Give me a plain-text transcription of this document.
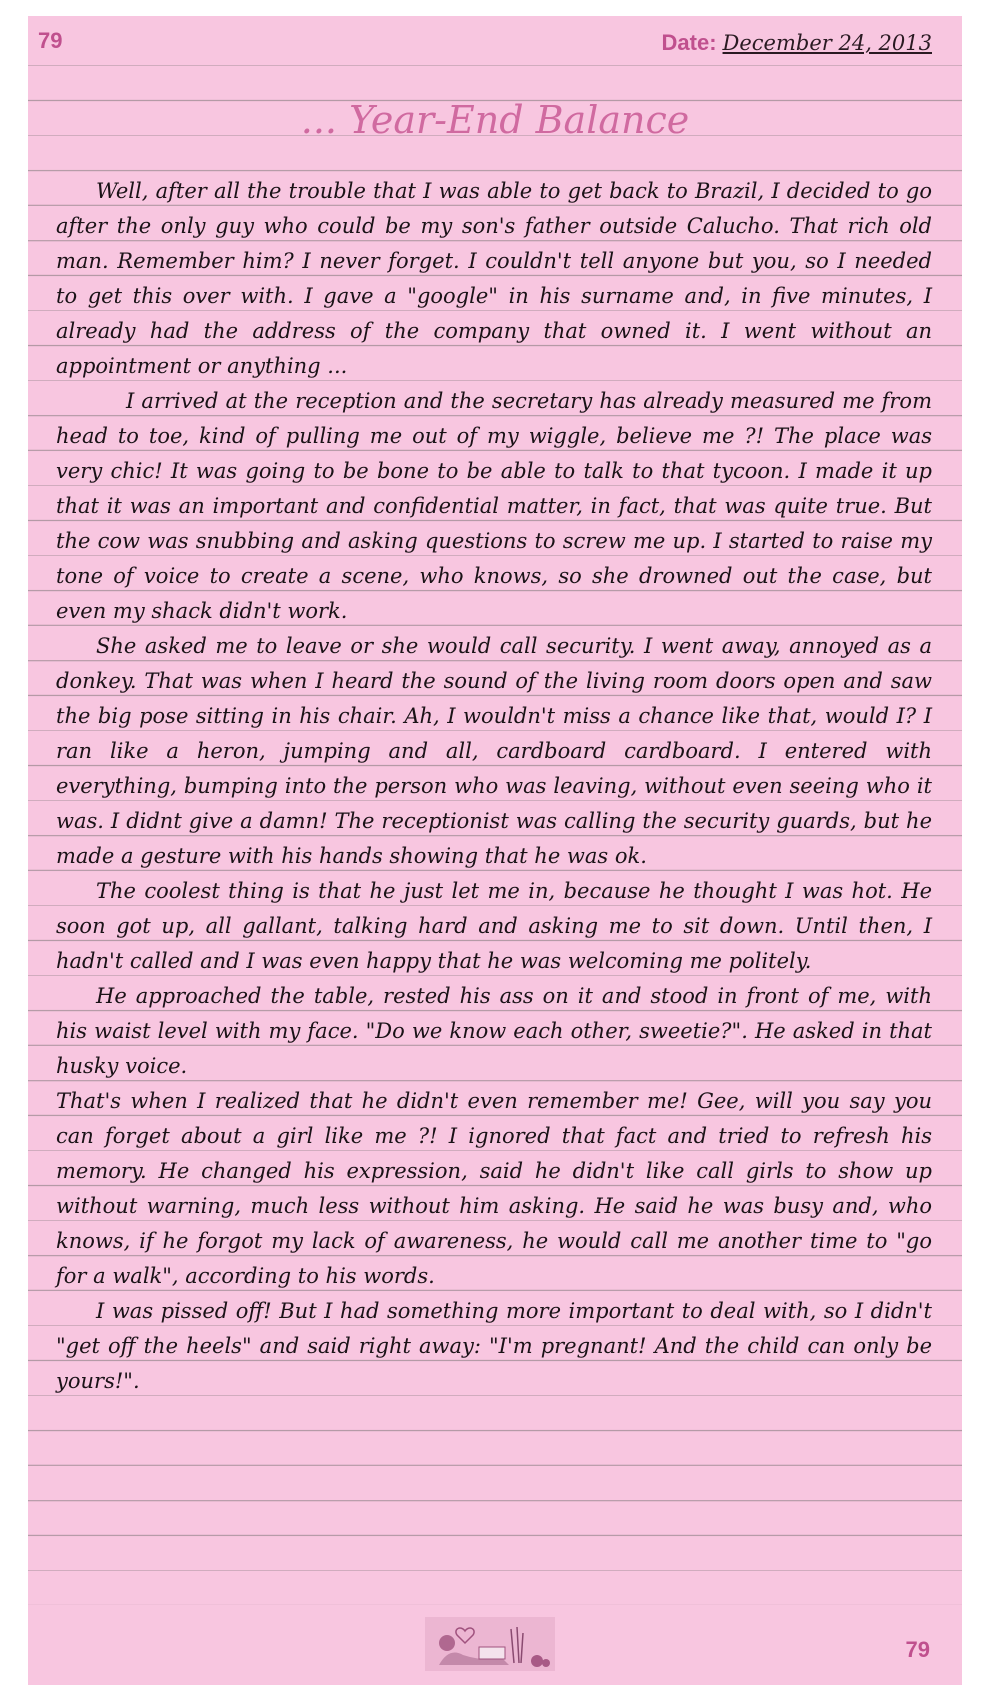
79	Date: December 24, 2013
... Year-End Balance

Well, after all the trouble that I was able to get back to Brazil, I decided to go after the only guy who could be my son's father outside Calucho. That rich old man. Remember him? I never forget. I couldn't tell anyone but you, so I needed to get this over with. I gave a "google" in his surname and, in five minutes, I already had the address of the company that owned it. I went without an appointment or anything ...

I arrived at the reception and the secretary has already measured me from head to toe, kind of pulling me out of my wiggle, believe me ?! The place was very chic! It was going to be bone to be able to talk to that tycoon. I made it up that it was an important and confidential matter, in fact, that was quite true. But the cow was snubbing and asking questions to screw me up. I started to raise my tone of voice to create a scene, who knows, so she drowned out the case, but even my shack didn't work.

She asked me to leave or she would call security. I went away, annoyed as a donkey. That was when I heard the sound of the living room doors open and saw the big pose sitting in his chair. Ah, I wouldn't miss a chance like that, would I? I ran like a heron, jumping and all, cardboard cardboard. I entered with everything, bumping into the person who was leaving, without even seeing who it was. I didnt give a damn! The receptionist was calling the security guards, but he made a gesture with his hands showing that he was ok.

The coolest thing is that he just let me in, because he thought I was hot. He soon got up, all gallant, talking hard and asking me to sit down. Until then, I hadn't called and I was even happy that he was welcoming me politely.

He approached the table, rested his ass on it and stood in front of me, with his waist level with my face. "Do we know each other, sweetie?". He asked in that husky voice.

That's when I realized that he didn't even remember me! Gee, will you say you can forget about a girl like me ?! I ignored that fact and tried to refresh his memory. He changed his expression, said he didn't like call girls to show up without warning, much less without him asking. He said he was busy and, who knows, if he forgot my lack of awareness, he would call me another time to "go for a walk", according to his words.

I was pissed off! But I had something more important to deal with, so I didn't "get off the heels" and said right away: "I'm pregnant! And the child can only be yours!".

79
